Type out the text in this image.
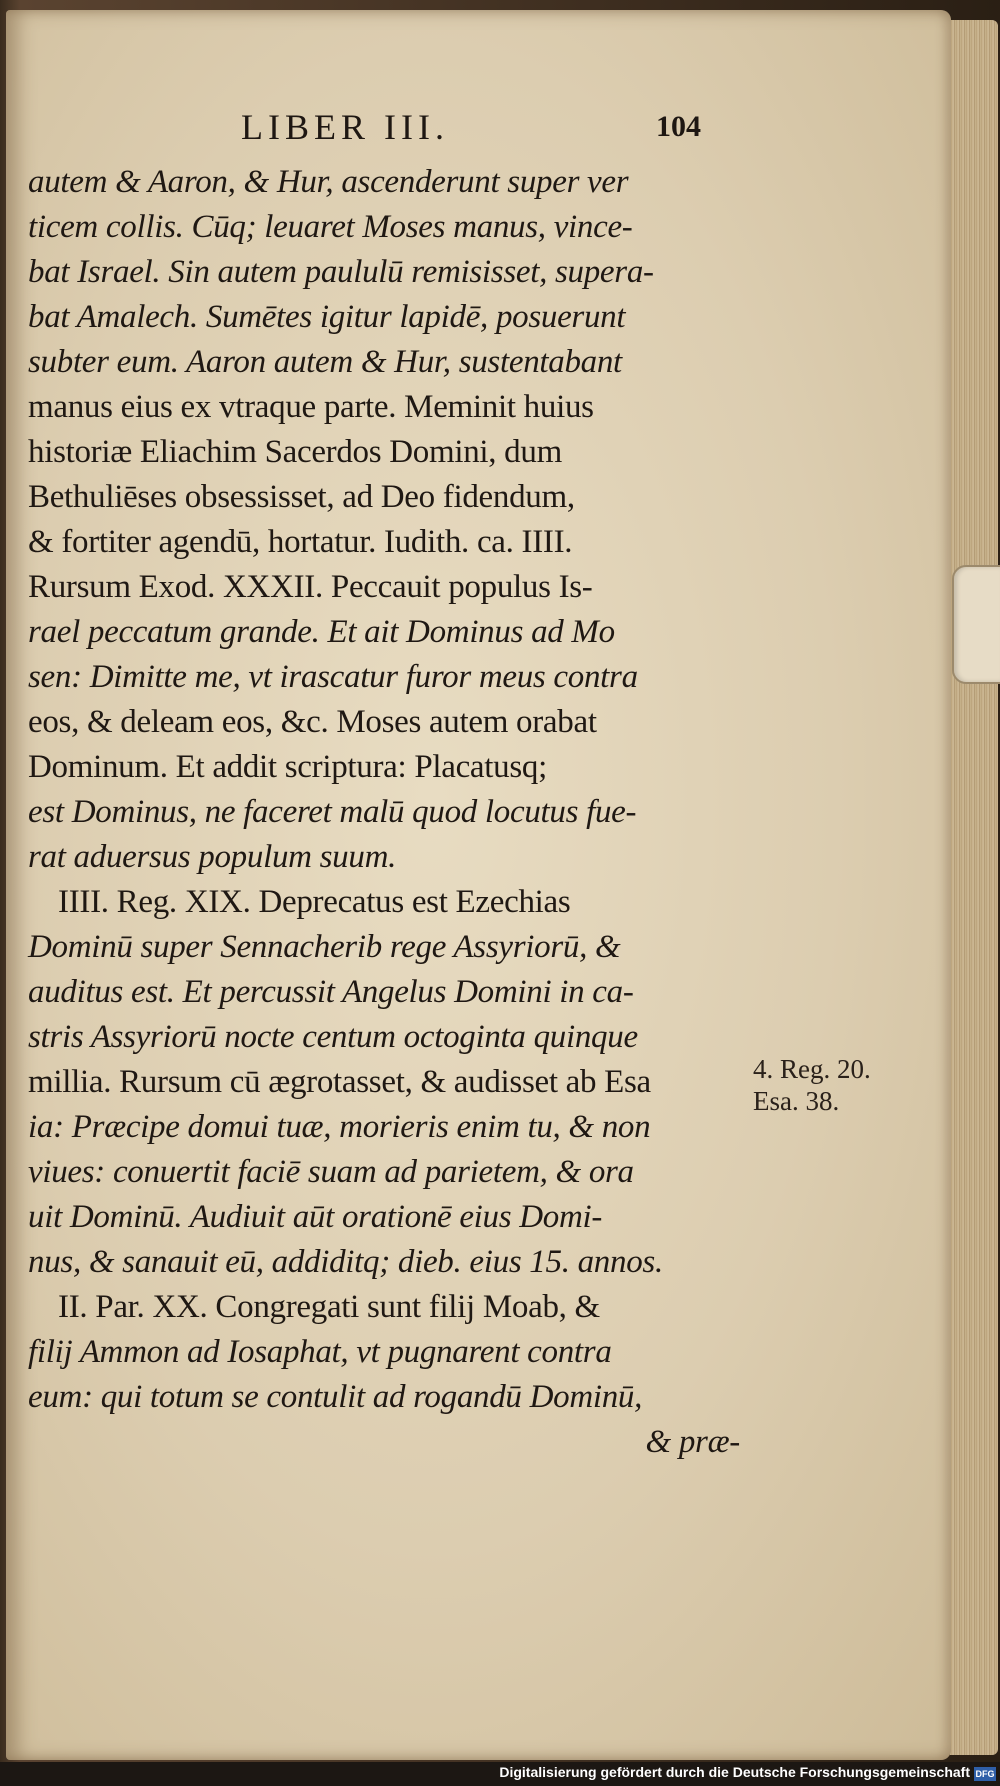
LIBER III.	104
autem & Aaron, & Hur, ascenderunt super ver
ticem collis. Cūq; leuaret Moses manus, vince-
bat Israel. Sin autem paululū remisisset, supera-
bat Amalech. Sumētes igitur lapidē, posuerunt
subter eum. Aaron autem & Hur, sustentabant
manus eius ex vtraque parte. Meminit huius
historiæ Eliachim Sacerdos Domini, dum
Bethuliēses obsessisset, ad Deo fidendum,
& fortiter agendū, hortatur. Iudith. ca. IIII.
Rursum Exod. XXXII. Peccauit populus Is-
rael peccatum grande. Et ait Dominus ad Mo
sen: Dimitte me, vt irascatur furor meus contra
eos, & deleam eos, &c. Moses autem orabat
Dominum. Et addit scriptura: Placatusq;
est Dominus, ne faceret malū quod locutus fue-
rat aduersus populum suum.
IIII. Reg. XIX. Deprecatus est Ezechias
Dominū super Sennacherib rege Assyriorū, &
auditus est. Et percussit Angelus Domini in ca-
stris Assyriorū nocte centum octoginta quinque
millia. Rursum cū ægrotasset, & audisset ab Esa
ia: Præcipe domui tuæ, morieris enim tu, & non
viues: conuertit faciē suam ad parietem, & ora
uit Dominū. Audiuit aūt orationē eius Domi-
nus, & sanauit eū, addiditq; dieb. eius 15. annos.
II. Par. XX. Congregati sunt filij Moab, &
filij Ammon ad Iosaphat, vt pugnarent contra
eum: qui totum se contulit ad rogandū Dominū,
& præ-
4. Reg. 20.
Esa. 38.
Digitalisierung gefördert durch die Deutsche Forschungsgemeinschaft DFG
